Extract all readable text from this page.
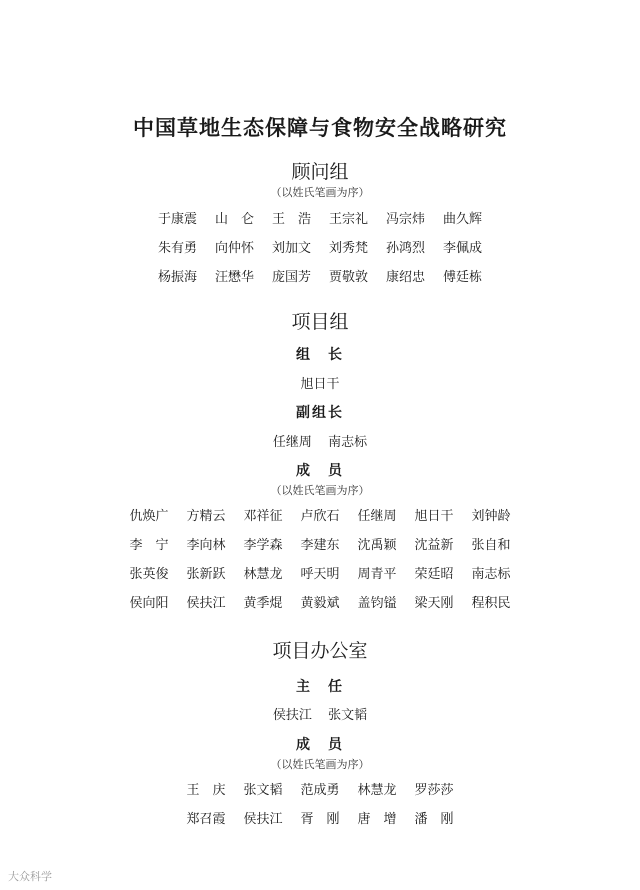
中国草地生态保障与食物安全战略研究
顾问组
（以姓氏笔画为序）
于康震	山　仑	王　浩	王宗礼	冯宗炜	曲久辉
朱有勇	向仲怀	刘加文	刘秀梵	孙鸿烈	李佩成
杨振海	汪懋华	庞国芳	贾敬敦	康绍忠	傅廷栋
项目组
组　长
旭日干
副组长
任继周 南志标
成　员
（以姓氏笔画为序）
仇焕广	方精云	邓祥征	卢欣石	任继周	旭日干	刘钟龄
李　宁	李向林	李学森	李建东	沈禹颖	沈益新	张自和
张英俊	张新跃	林慧龙	呼天明	周青平	荣廷昭	南志标
侯向阳	侯扶江	黄季焜	黄毅斌	盖钧镒	梁天刚	程积民
项目办公室
主　任
侯扶江 张文韬
成　员
（以姓氏笔画为序）
王　庆	张文韬	范成勇	林慧龙	罗莎莎
郑召霞	侯扶江	胥　刚	唐　增	潘　刚
大众科学
